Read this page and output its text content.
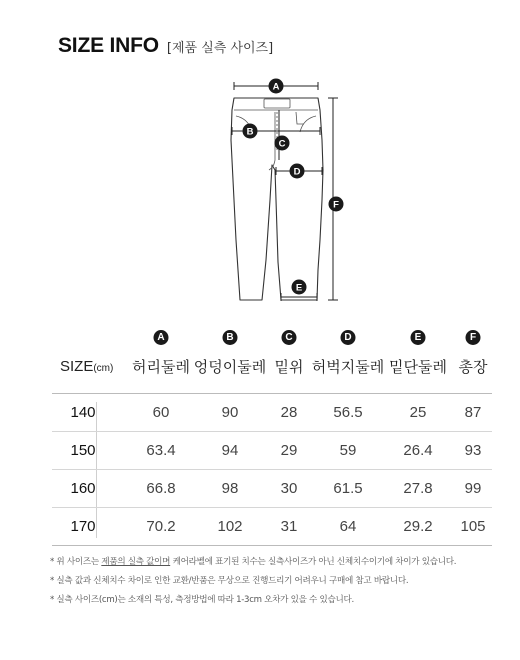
SIZE INFO [제품 실측 사이즈]
A
B
C
D
E
F
A	B	C	D	E	F
SIZE(cm) 허리둘레 엉덩이둘레 밑위 허벅지둘레 밑단둘레 총장
140	60	90	28 56.5	25	87
150	63.4	94	29	59	26.4 93
160	66.8	98	30 61.5	27.8 99
170	70.2	102	31	64	29.2 105
* 위 사이즈는 제품의 실측 값이며 케어라벨에 표기된 치수는 실측사이즈가 아닌 신체치수이기에 차이가 있습니다.
* 실측 값과 신체치수 차이로 인한 교환/반품은 무상으로 진행드리기 어려우니 구매에 참고 바랍니다.
* 실측 사이즈(cm)는 소재의 특성, 측정방법에 따라 1-3cm 오차가 있을 수 있습니다.
